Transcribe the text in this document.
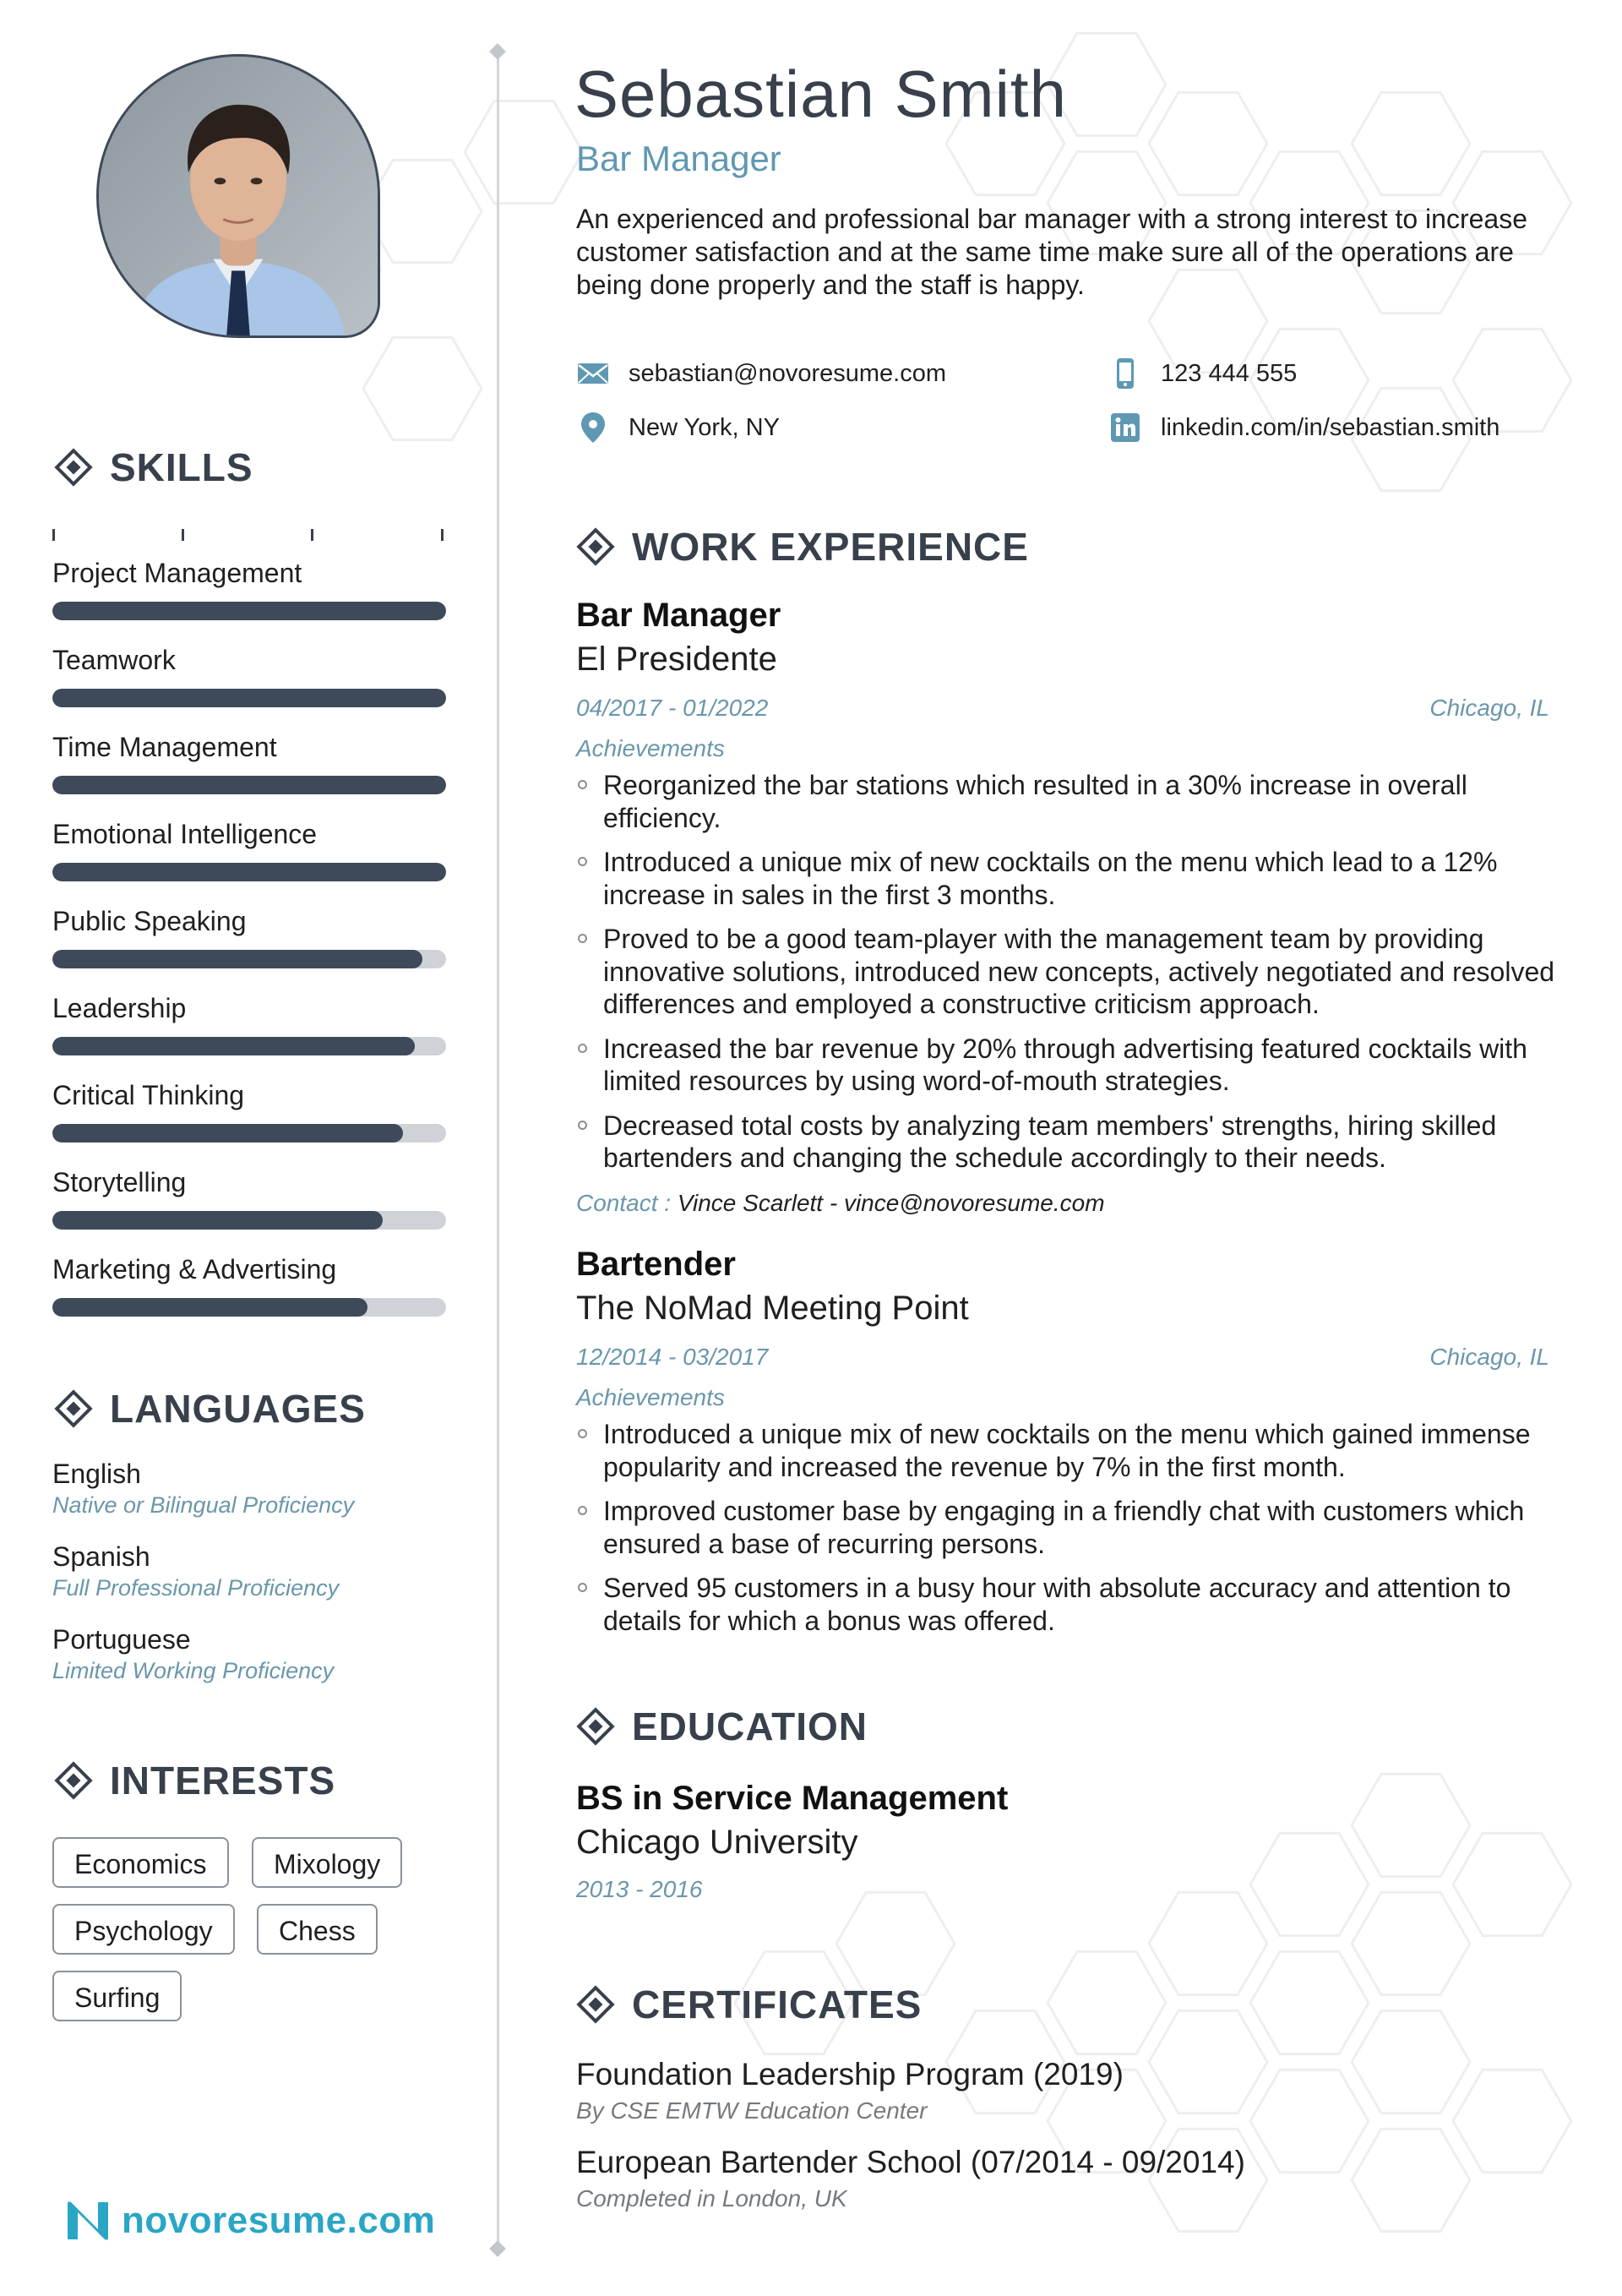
SKILLS
Project Management
Teamwork
Time Management
Emotional Intelligence
Public Speaking
Leadership
Critical Thinking
Storytelling
Marketing & Advertising
LANGUAGES
English
Native or Bilingual Proficiency
Spanish
Full Professional Proficiency
Portuguese
Limited Working Proficiency
INTERESTS
Economics	Mixology
Psychology	Chess
Surfing
novoresume.com
Sebastian Smith
Bar Manager
An experienced and professional bar manager with a strong interest to increase customer satisfaction and at the same time make sure all of the operations are being done properly and the staff is happy.
sebastian@novoresume.com	123 444 555
New York, NY	linkedin.com/in/sebastian.smith
WORK EXPERIENCE
Bar Manager
El Presidente
04/2017 - 01/2022	Chicago, IL
Achievements
Reorganized the bar stations which resulted in a 30% increase in overall efficiency.
Introduced a unique mix of new cocktails on the menu which lead to a 12% increase in sales in the first 3 months.
Proved to be a good team-player with the management team by providing innovative solutions, introduced new concepts, actively negotiated and resolved differences and employed a constructive criticism approach.
Increased the bar revenue by 20% through advertising featured cocktails with limited resources by using word-of-mouth strategies.
Decreased total costs by analyzing team members' strengths, hiring skilled bartenders and changing the schedule accordingly to their needs.
Contact : Vince Scarlett - vince@novoresume.com
Bartender
The NoMad Meeting Point
12/2014 - 03/2017	Chicago, IL
Achievements
Introduced a unique mix of new cocktails on the menu which gained immense popularity and increased the revenue by 7% in the first month.
Improved customer base by engaging in a friendly chat with customers which ensured a base of recurring persons.
Served 95 customers in a busy hour with absolute accuracy and attention to details for which a bonus was offered.
EDUCATION
BS in Service Management
Chicago University
2013 - 2016
CERTIFICATES
Foundation Leadership Program (2019)
By CSE EMTW Education Center
European Bartender School (07/2014 - 09/2014)
Completed in London, UK
